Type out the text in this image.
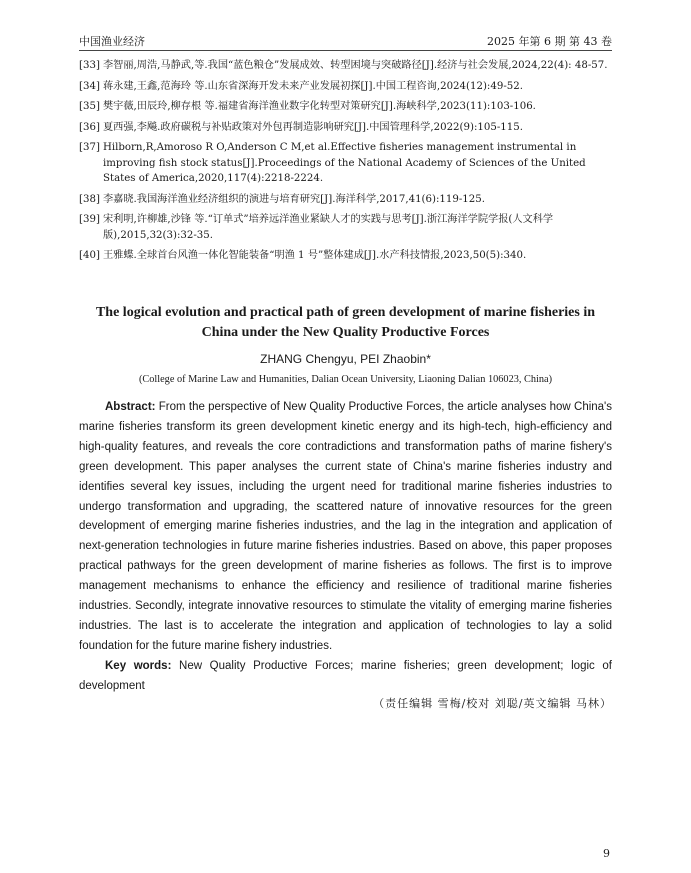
中国渔业经济	2025 年第 6 期 第 43 卷
[33] 李智丽,周浩,马静武,等.我国“蓝色粮仓”发展成效、转型困境与突破路径[J].经济与社会发展,2024,22(4): 48-57.
[34] 蒋永建,王鑫,范海玲 等.山东省深海开发未来产业发展初探[J].中国工程咨询,2024(12):49-52.
[35] 樊宇薇,田辰玲,柳存根 等.福建省海洋渔业数字化转型对策研究[J].海峡科学,2023(11):103-106.
[36] 夏西强,李飚.政府碳税与补贴政策对外包再制造影响研究[J].中国管理科学,2022(9):105-115.
[37] Hilborn,R,Amoroso R O,Anderson C M,et al.Effective fisheries management instrumental in improving fish stock status[J].Proceedings of the National Academy of Sciences of the United States of America,2020,117(4):2218-2224.
[38] 李嘉晓.我国海洋渔业经济组织的演进与培育研究[J].海洋科学,2017,41(6):119-125.
[39] 宋利明,许柳雄,沙锋 等.“订单式”培养远洋渔业紧缺人才的实践与思考[J].浙江海洋学院学报(人文科学版),2015,32(3):32-35.
[40] 王雅蝶.全球首台风渔一体化智能装备“明渔 1 号”整体建成[J].水产科技情报,2023,50(5):340.
The logical evolution and practical path of green development of marine fisheries in China under the New Quality Productive Forces
ZHANG Chengyu, PEI Zhaobin*
(College of Marine Law and Humanities, Dalian Ocean University, Liaoning Dalian 106023, China)

Abstract: From the perspective of New Quality Productive Forces, the article analyses how China's marine fisheries transform its green development kinetic energy and its high-tech, high-efficiency and high-quality features, and reveals the core contradictions and transformation paths of marine fishery's green development. This paper analyses the current state of China's marine fisheries industry and identifies several key issues, including the urgent need for traditional marine fisheries industries to undergo transformation and upgrading, the scattered nature of innovative resources for the green development of emerging marine fisheries industries, and the lag in the integration and application of next-generation technologies in future marine fisheries industries. Based on above, this paper proposes practical pathways for the green development of marine fisheries as follows. The first is to improve management mechanisms to enhance the efficiency and resilience of traditional marine fisheries industries. Secondly, integrate innovative resources to stimulate the vitality of emerging marine fisheries industries. The last is to accelerate the integration and application of technologies to lay a solid foundation for the future marine fishery industries.

Key words: New Quality Productive Forces; marine fisheries; green development; logic of development

（责任编辑 雪梅/校对 刘聪/英文编辑 马林）
9
